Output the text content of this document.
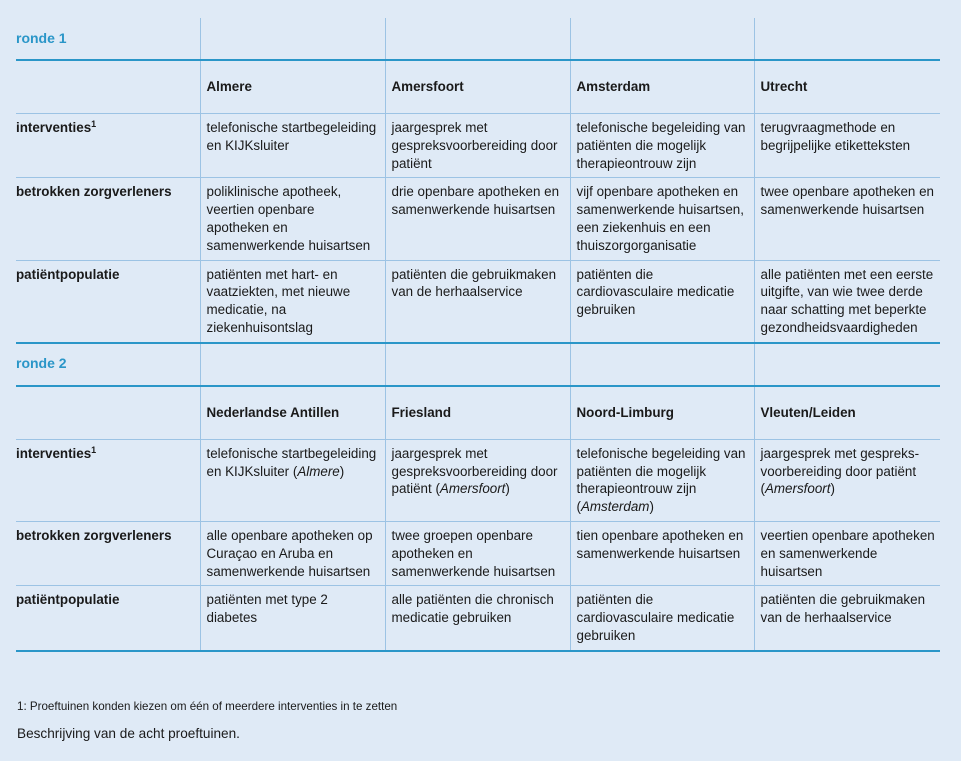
ronde 1				
	Almere	Amersfoort	Amsterdam	Utrecht
interventies$^1$	telefonische startbegeleiding en KIJKsluiter	jaargesprek met gespreksvoorbereiding door patiënt	telefonische begeleiding van patiënten die mogelijk therapieontrouw zijn	terugvraagmethode en begrijpelijke etiketteksten
betrokken zorgverleners	poliklinische apotheek, veertien openbare apotheken en samenwerkende huisartsen	drie openbare apotheken en samenwerkende huisartsen	vijf openbare apotheken en samenwerkende huisartsen, een ziekenhuis en een thuiszorgorganisatie	twee openbare apotheken en samenwerkende huisartsen
patiëntpopulatie	patiënten met hart- en vaatziekten, met nieuwe medicatie, na ziekenhuisontslag	patiënten die gebruikmaken van de herhaalservice	patiënten die cardiovasculaire medicatie gebruiken	alle patiënten met een eerste uitgifte, van wie twee derde naar schatting met beperkte gezondheidsvaardigheden
ronde 2				
	Nederlandse Antillen	Friesland	Noord-Limburg	Vleuten/Leiden
interventies$^1$	telefonische startbegeleiding en KIJKsluiter (Almere)	jaargesprek met gespreksvoorbereiding door patiënt (Amersfoort)	telefonische begeleiding van patiënten die mogelijk therapieontrouw zijn (Amsterdam)	jaargesprek met gespreks-voorbereiding door patiënt (Amersfoort)
betrokken zorgverleners	alle openbare apotheken op Curaçao en Aruba en samenwerkende huisartsen	twee groepen openbare apotheken en samenwerkende huisartsen	tien openbare apotheken en samenwerkende huisartsen	veertien openbare apotheken en samenwerkende huisartsen
patiëntpopulatie	patiënten met type 2 diabetes	alle patiënten die chronisch medicatie gebruiken	patiënten die cardiovasculaire medicatie gebruiken	patiënten die gebruikmaken van de herhaalservice
1: Proeftuinen konden kiezen om één of meerdere interventies in te zetten
Beschrijving van de acht proeftuinen.
